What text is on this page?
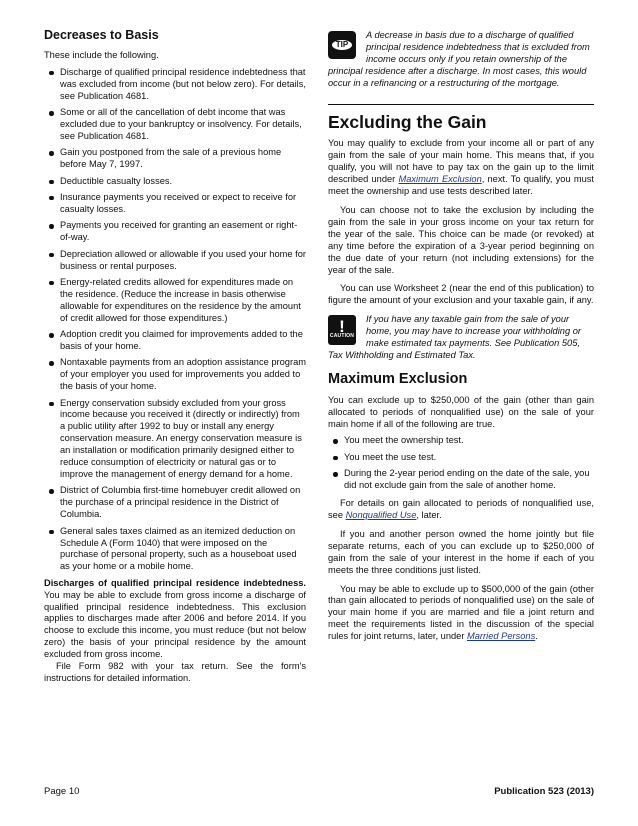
Decreases to Basis

These include the following.

Discharge of qualified principal residence indebtedness that was excluded from income (but not below zero). For details, see Publication 4681.
Some or all of the cancellation of debt income that was excluded due to your bankruptcy or insolvency. For details, see Publication 4681.
Gain you postponed from the sale of a previous home before May 7, 1997.
Deductible casualty losses.
Insurance payments you received or expect to receive for casualty losses.
Payments you received for granting an easement or right-of-way.
Depreciation allowed or allowable if you used your home for business or rental purposes.
Energy-related credits allowed for expenditures made on the residence. (Reduce the increase in basis otherwise allowable for expenditures on the residence by the amount of credit allowed for those expenditures.)
Adoption credit you claimed for improvements added to the basis of your home.
Nontaxable payments from an adoption assistance program of your employer you used for improvements you added to the basis of your home.
Energy conservation subsidy excluded from your gross income because you received it (directly or indirectly) from a public utility after 1992 to buy or install any energy conservation measure. An energy conservation measure is an installation or modification primarily designed either to reduce consumption of electricity or natural gas or to improve the management of energy demand for a home.
District of Columbia first-time homebuyer credit allowed on the purchase of a principal residence in the District of Columbia.
General sales taxes claimed as an itemized deduction on Schedule A (Form 1040) that were imposed on the purchase of personal property, such as a houseboat used as your home or a mobile home.

Discharges of qualified principal residence indebtedness. You may be able to exclude from gross income a discharge of qualified principal residence indebtedness. This exclusion applies to discharges made after 2006 and before 2014. If you choose to exclude this income, you must reduce (but not below zero) the basis of your principal residence by the amount excluded from gross income.

File Form 982 with your tax return. See the form's instructions for detailed information.

TIP
A decrease in basis due to a discharge of qualified principal residence indebtedness that is excluded from income occurs only if you retain ownership of the principal residence after a discharge. In most cases, this would occur in a refinancing or a restructuring of the mortgage.
Excluding the Gain

You may qualify to exclude from your income all or part of any gain from the sale of your main home. This means that, if you qualify, you will not have to pay tax on the gain up to the limit described under Maximum Exclusion, next. To qualify, you must meet the ownership and use tests described later.

You can choose not to take the exclusion by including the gain from the sale in your gross income on your tax return for the year of the sale. This choice can be made (or revoked) at any time before the expiration of a 3-year period beginning on the due date of your return (not including extensions) for the year of the sale.

You can use Worksheet 2 (near the end of this publication) to figure the amount of your exclusion and your taxable gain, if any.

!
CAUTION
If you have any taxable gain from the sale of your home, you may have to increase your withholding or make estimated tax payments. See Publication 505, Tax Withholding and Estimated Tax.
Maximum Exclusion

You can exclude up to $250,000 of the gain (other than gain allocated to periods of nonqualified use) on the sale of your main home if all of the following are true.

You meet the ownership test.
You meet the use test.
During the 2-year period ending on the date of the sale, you did not exclude gain from the sale of another home.

For details on gain allocated to periods of nonqualified use, see Nonqualified Use, later.

If you and another person owned the home jointly but file separate returns, each of you can exclude up to $250,000 of gain from the sale of your interest in the home if each of you meets the three conditions just listed.

You may be able to exclude up to $500,000 of the gain (other than gain allocated to periods of nonqualified use) on the sale of your main home if you are married and file a joint return and meet the requirements listed in the discussion of the special rules for joint returns, later, under Married Persons.

Page 10	Publication 523 (2013)
